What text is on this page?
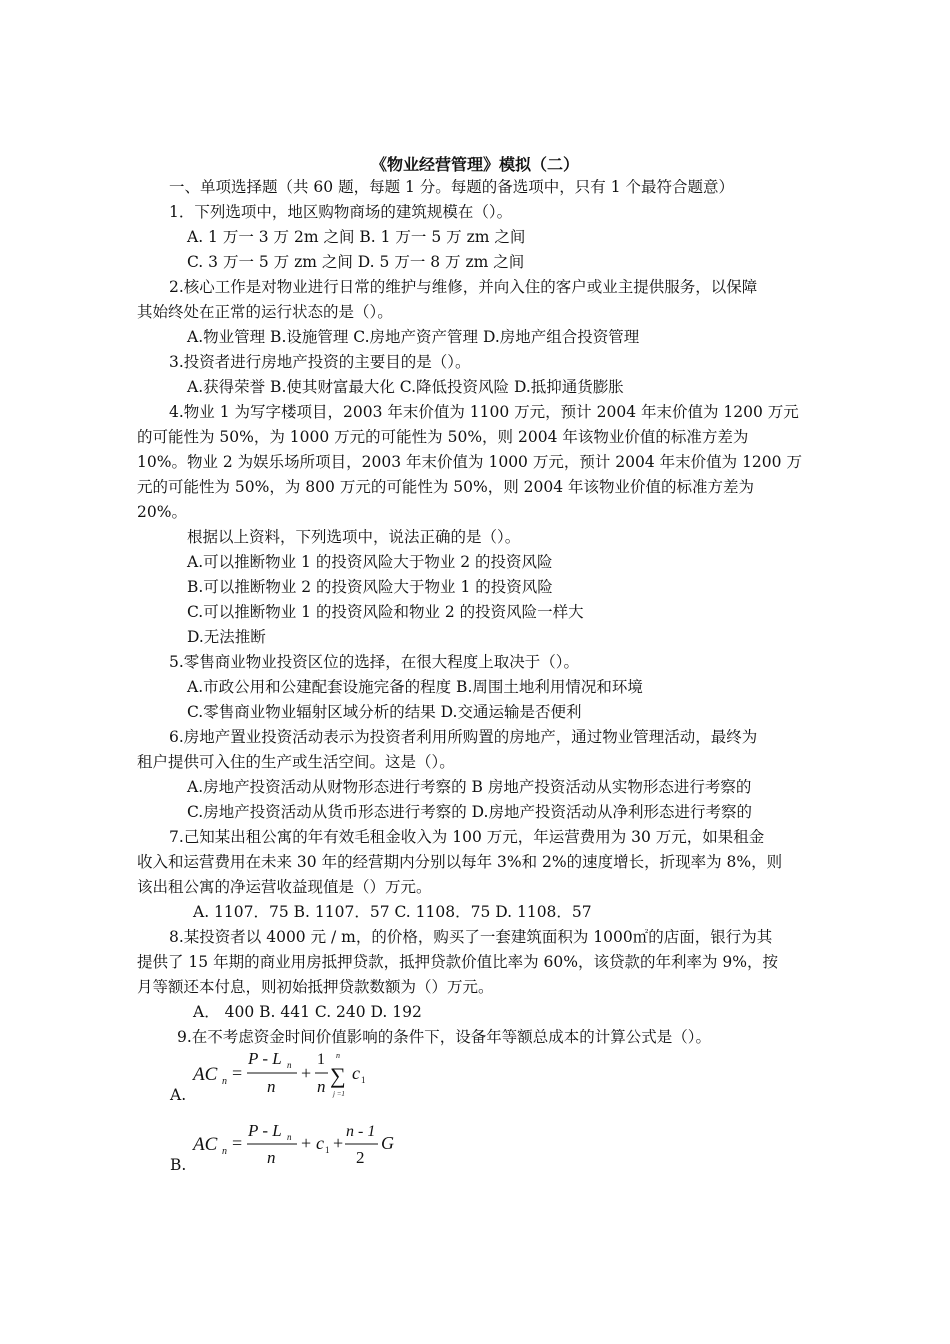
《物业经营管理》模拟（二）
一、单项选择题（共 60 题，每题 1 分。每题的备选项中，只有 1 个最符合题意）
1．下列选项中，地区购物商场的建筑规模在（）。
A. 1 万一 3 万 2m 之间 B. 1 万一 5 万 zm 之间
C. 3 万一 5 万 zm 之间 D. 5 万一 8 万 zm 之间
2.核心工作是对物业进行日常的维护与维修，并向入住的客户或业主提供服务，以保障
其始终处在正常的运行状态的是（）。
A.物业管理 B.设施管理 C.房地产资产管理 D.房地产组合投资管理
3.投资者进行房地产投资的主要目的是（）。
A.获得荣誉 B.使其财富最大化 C.降低投资风险 D.抵抑通货膨胀
4.物业 1 为写字楼项目，2003 年末价值为 1100 万元，预计 2004 年末价值为 1200 万元
的可能性为 50%，为 1000 万元的可能性为 50%，则 2004 年该物业价值的标准方差为
10%。物业 2 为娱乐场所项目，2003 年末价值为 1000 万元，预计 2004 年末价值为 1200 万
元的可能性为 50%，为 800 万元的可能性为 50%，则 2004 年该物业价值的标准方差为
20%。
根据以上资料，下列选项中，说法正确的是（）。
A.可以推断物业 1 的投资风险大于物业 2 的投资风险
B.可以推断物业 2 的投资风险大于物业 1 的投资风险
C.可以推断物业 1 的投资风险和物业 2 的投资风险一样大
D.无法推断
5.零售商业物业投资区位的选择，在很大程度上取决于（）。
A.市政公用和公建配套设施完备的程度 B.周围土地利用情况和环境
C.零售商业物业辐射区域分析的结果 D.交通运输是否便利
6.房地产置业投资活动表示为投资者利用所购置的房地产，通过物业管理活动，最终为
租户提供可入住的生产或生活空间。这是（）。
A.房地产投资活动从财物形态进行考察的 B 房地产投资活动从实物形态进行考察的
C.房地产投资活动从货币形态进行考察的 D.房地产投资活动从净利形态进行考察的
7.己知某出租公寓的年有效毛租金收入为 100 万元，年运营费用为 30 万元，如果租金
收入和运营费用在未来 30 年的经营期内分别以每年 3%和 2%的速度增长，折现率为 8%，则
该出租公寓的净运营收益现值是（）万元。
A. 1107．75 B. 1107．57 C. 1108．75 D. 1108．57
8.某投资者以 4000 元 / m，的价格，购买了一套建筑面积为 1000㎡的店面，银行为其
提供了 15 年期的商业用房抵押贷款，抵押贷款价值比率为 60%，该贷款的年利率为 9%，按
月等额还本付息，则初始抵押贷款数额为（）万元。
A． 400 B. 441 C. 240 D. 192
9.在不考虑资金时间价值影响的条件下，设备年等额总成本的计算公式是（）。
AC n =
P - L n
n
+
1
n
n
∑
j =1
c 1
A.
AC n =
P - L n
n
+ c 1 +
n - 1
2
G
B.
